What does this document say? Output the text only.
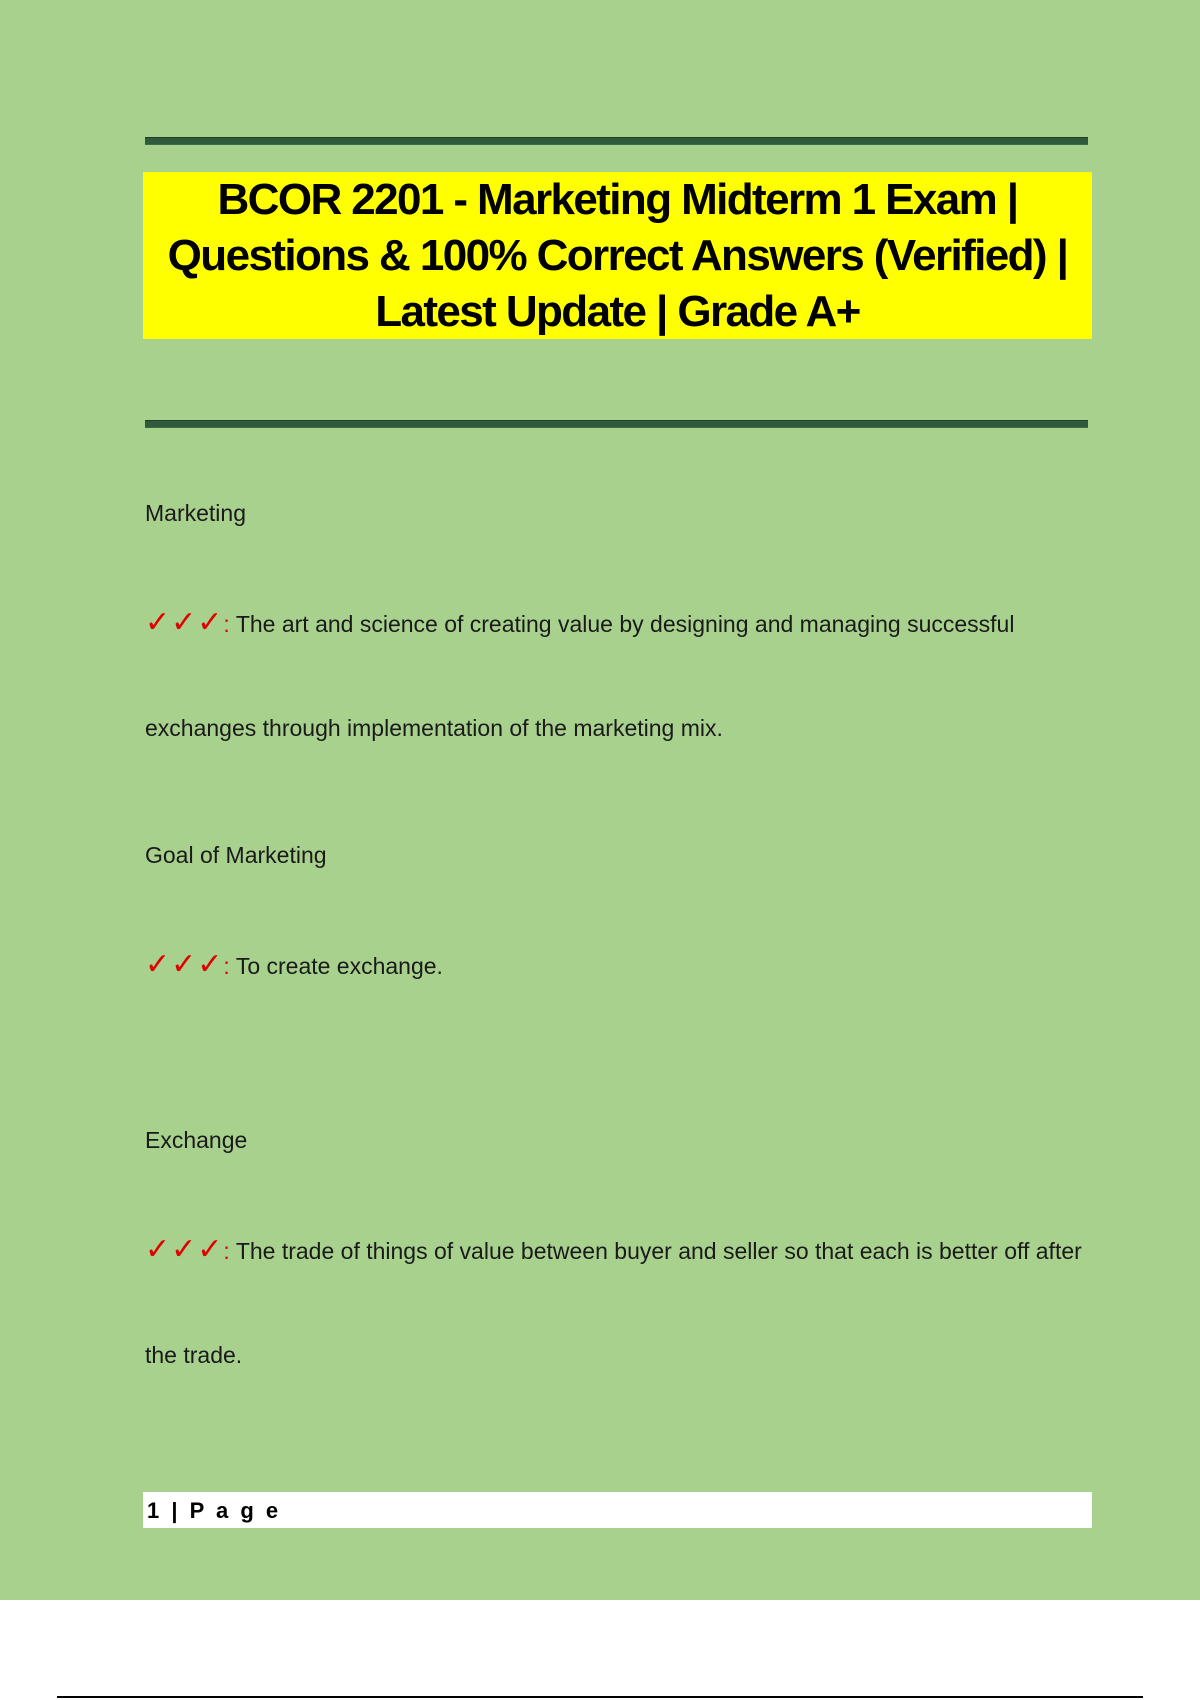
BCOR 2201 - Marketing Midterm 1 Exam | Questions & 100% Correct Answers (Verified) | Latest Update | Grade A+

Marketing

✓✓✓: The art and science of creating value by designing and managing successful exchanges through implementation of the marketing mix.

Goal of Marketing

✓✓✓: To create exchange.

Exchange

✓✓✓: The trade of things of value between buyer and seller so that each is better off after the trade.

1 | P a g e
